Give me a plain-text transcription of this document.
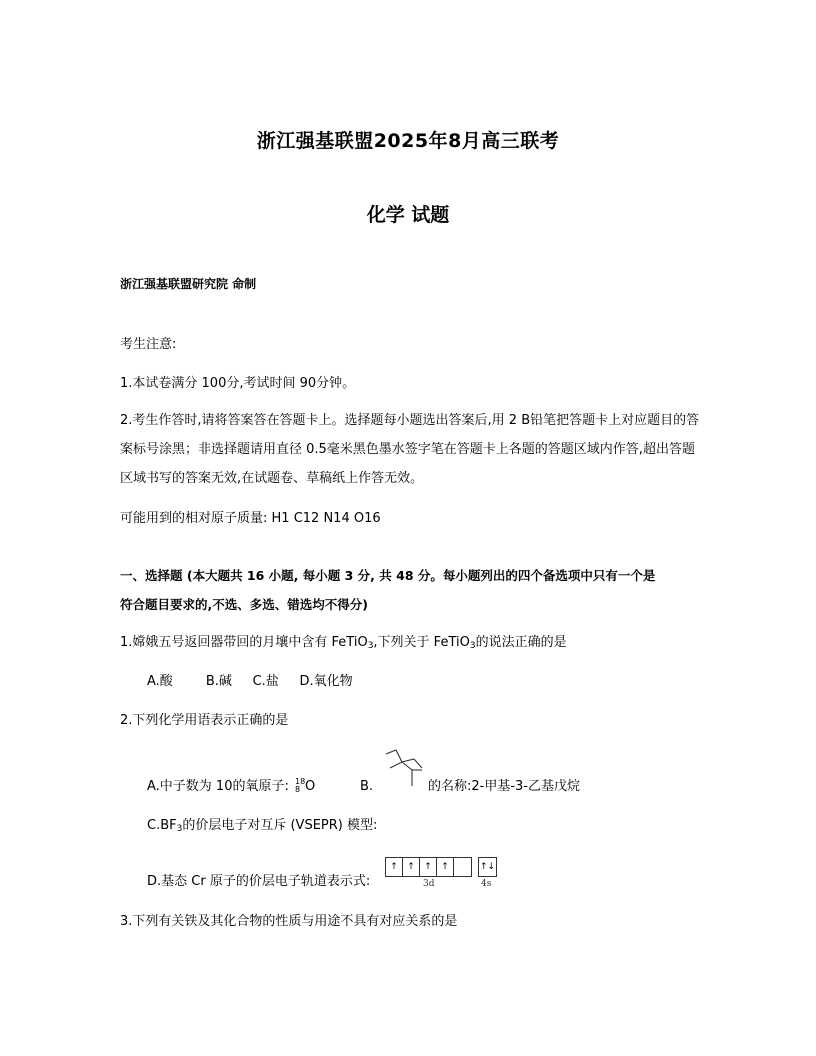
浙江强基联盟2025年8月高三联考
化学 试题
浙江强基联盟研究院 命制
考生注意:
1.本试卷满分 100分,考试时间 90分钟。
2.考生作答时,请将答案答在答题卡上。选择题每小题选出答案后,用 2 B铅笔把答题卡上对应题目的答案标号涂黑；非选择题请用直径 0.5毫米黑色墨水签字笔在答题卡上各题的答题区域内作答,超出答题区域书写的答案无效,在试题卷、草稿纸上作答无效。
可能用到的相对原子质量: H1 C12 N14 O16
一、选择题 (本大题共 16 小题, 每小题 3 分, 共 48 分。每小题列出的四个备选项中只有一个是
符合题目要求的,不选、多选、错选均不得分)
1.嫦娥五号返回器带回的月壤中含有 FeTiO$_3$,下列关于 FeTiO$_3$的说法正确的是
A.酸        B.碱     C.盐     D.氧化物
2.下列化学用语表示正确的是
A.中子数为 10的氧原子: 18
8 O	B.	的名称:2-甲基-3-乙基戊烷
$C.BF_3$的价层电子对互斥 (VSEPR) 模型:
D.基态 Cr 原子的价层电子轨道表示式:
↑	↑	↑	↑	↑↓
3d	4s
3.下列有关铁及其化合物的性质与用途不具有对应关系的是
